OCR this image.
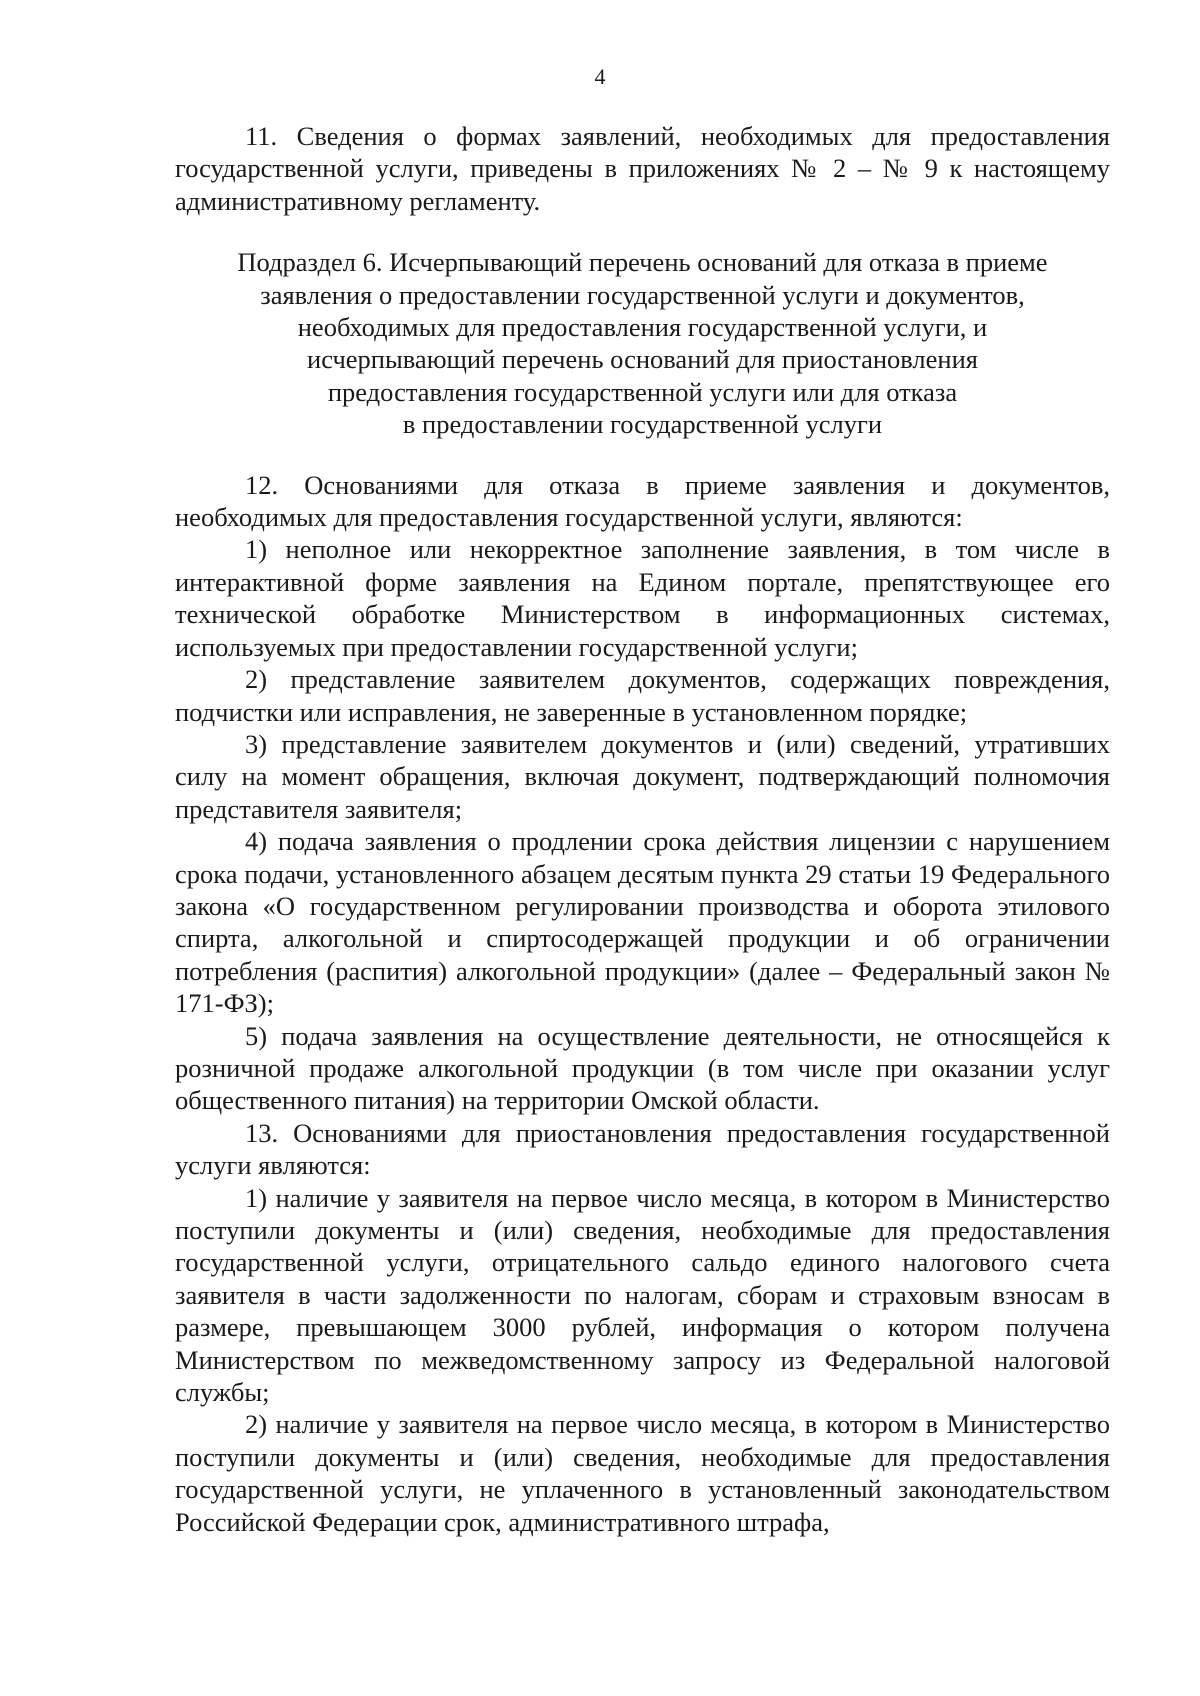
4

11. Сведения о формах заявлений, необходимых для предоставления государственной услуги, приведены в приложениях № 2 – № 9 к настоящему административному регламенту.

Подраздел 6. Исчерпывающий перечень оснований для отказа в приеме
заявления о предоставлении государственной услуги и документов,
необходимых для предоставления государственной услуги, и
исчерпывающий перечень оснований для приостановления
предоставления государственной услуги или для отказа
в предоставлении государственной услуги

12. Основаниями для отказа в приеме заявления и документов, необходимых для предоставления государственной услуги, являются:

1) неполное или некорректное заполнение заявления, в том числе в интерактивной форме заявления на Едином портале, препятствующее его технической обработке Министерством в информационных системах, используемых при предоставлении государственной услуги;

2) представление заявителем документов, содержащих повреждения, подчистки или исправления, не заверенные в установленном порядке;

3) представление заявителем документов и (или) сведений, утративших силу на момент обращения, включая документ, подтверждающий полномочия представителя заявителя;

4) подача заявления о продлении срока действия лицензии с нарушением срока подачи, установленного абзацем десятым пункта 29 статьи 19 Федерального закона «О государственном регулировании производства и оборота этилового спирта, алкогольной и спиртосодержащей продукции и об ограничении потребления (распития) алкогольной продукции» (далее – Федеральный закон № 171-ФЗ);

5) подача заявления на осуществление деятельности, не относящейся к розничной продаже алкогольной продукции (в том числе при оказании услуг общественного питания) на территории Омской области.

13. Основаниями для приостановления предоставления государственной услуги являются:

1) наличие у заявителя на первое число месяца, в котором в Министерство поступили документы и (или) сведения, необходимые для предоставления государственной услуги, отрицательного сальдо единого налогового счета заявителя в части задолженности по налогам, сборам и страховым взносам в размере, превышающем 3000 рублей, информация о котором получена Министерством по межведомственному запросу из Федеральной налоговой службы;

2) наличие у заявителя на первое число месяца, в котором в Министерство поступили документы и (или) сведения, необходимые для предоставления государственной услуги, не уплаченного в установленный законодательством Российской Федерации срок, административного штрафа,
